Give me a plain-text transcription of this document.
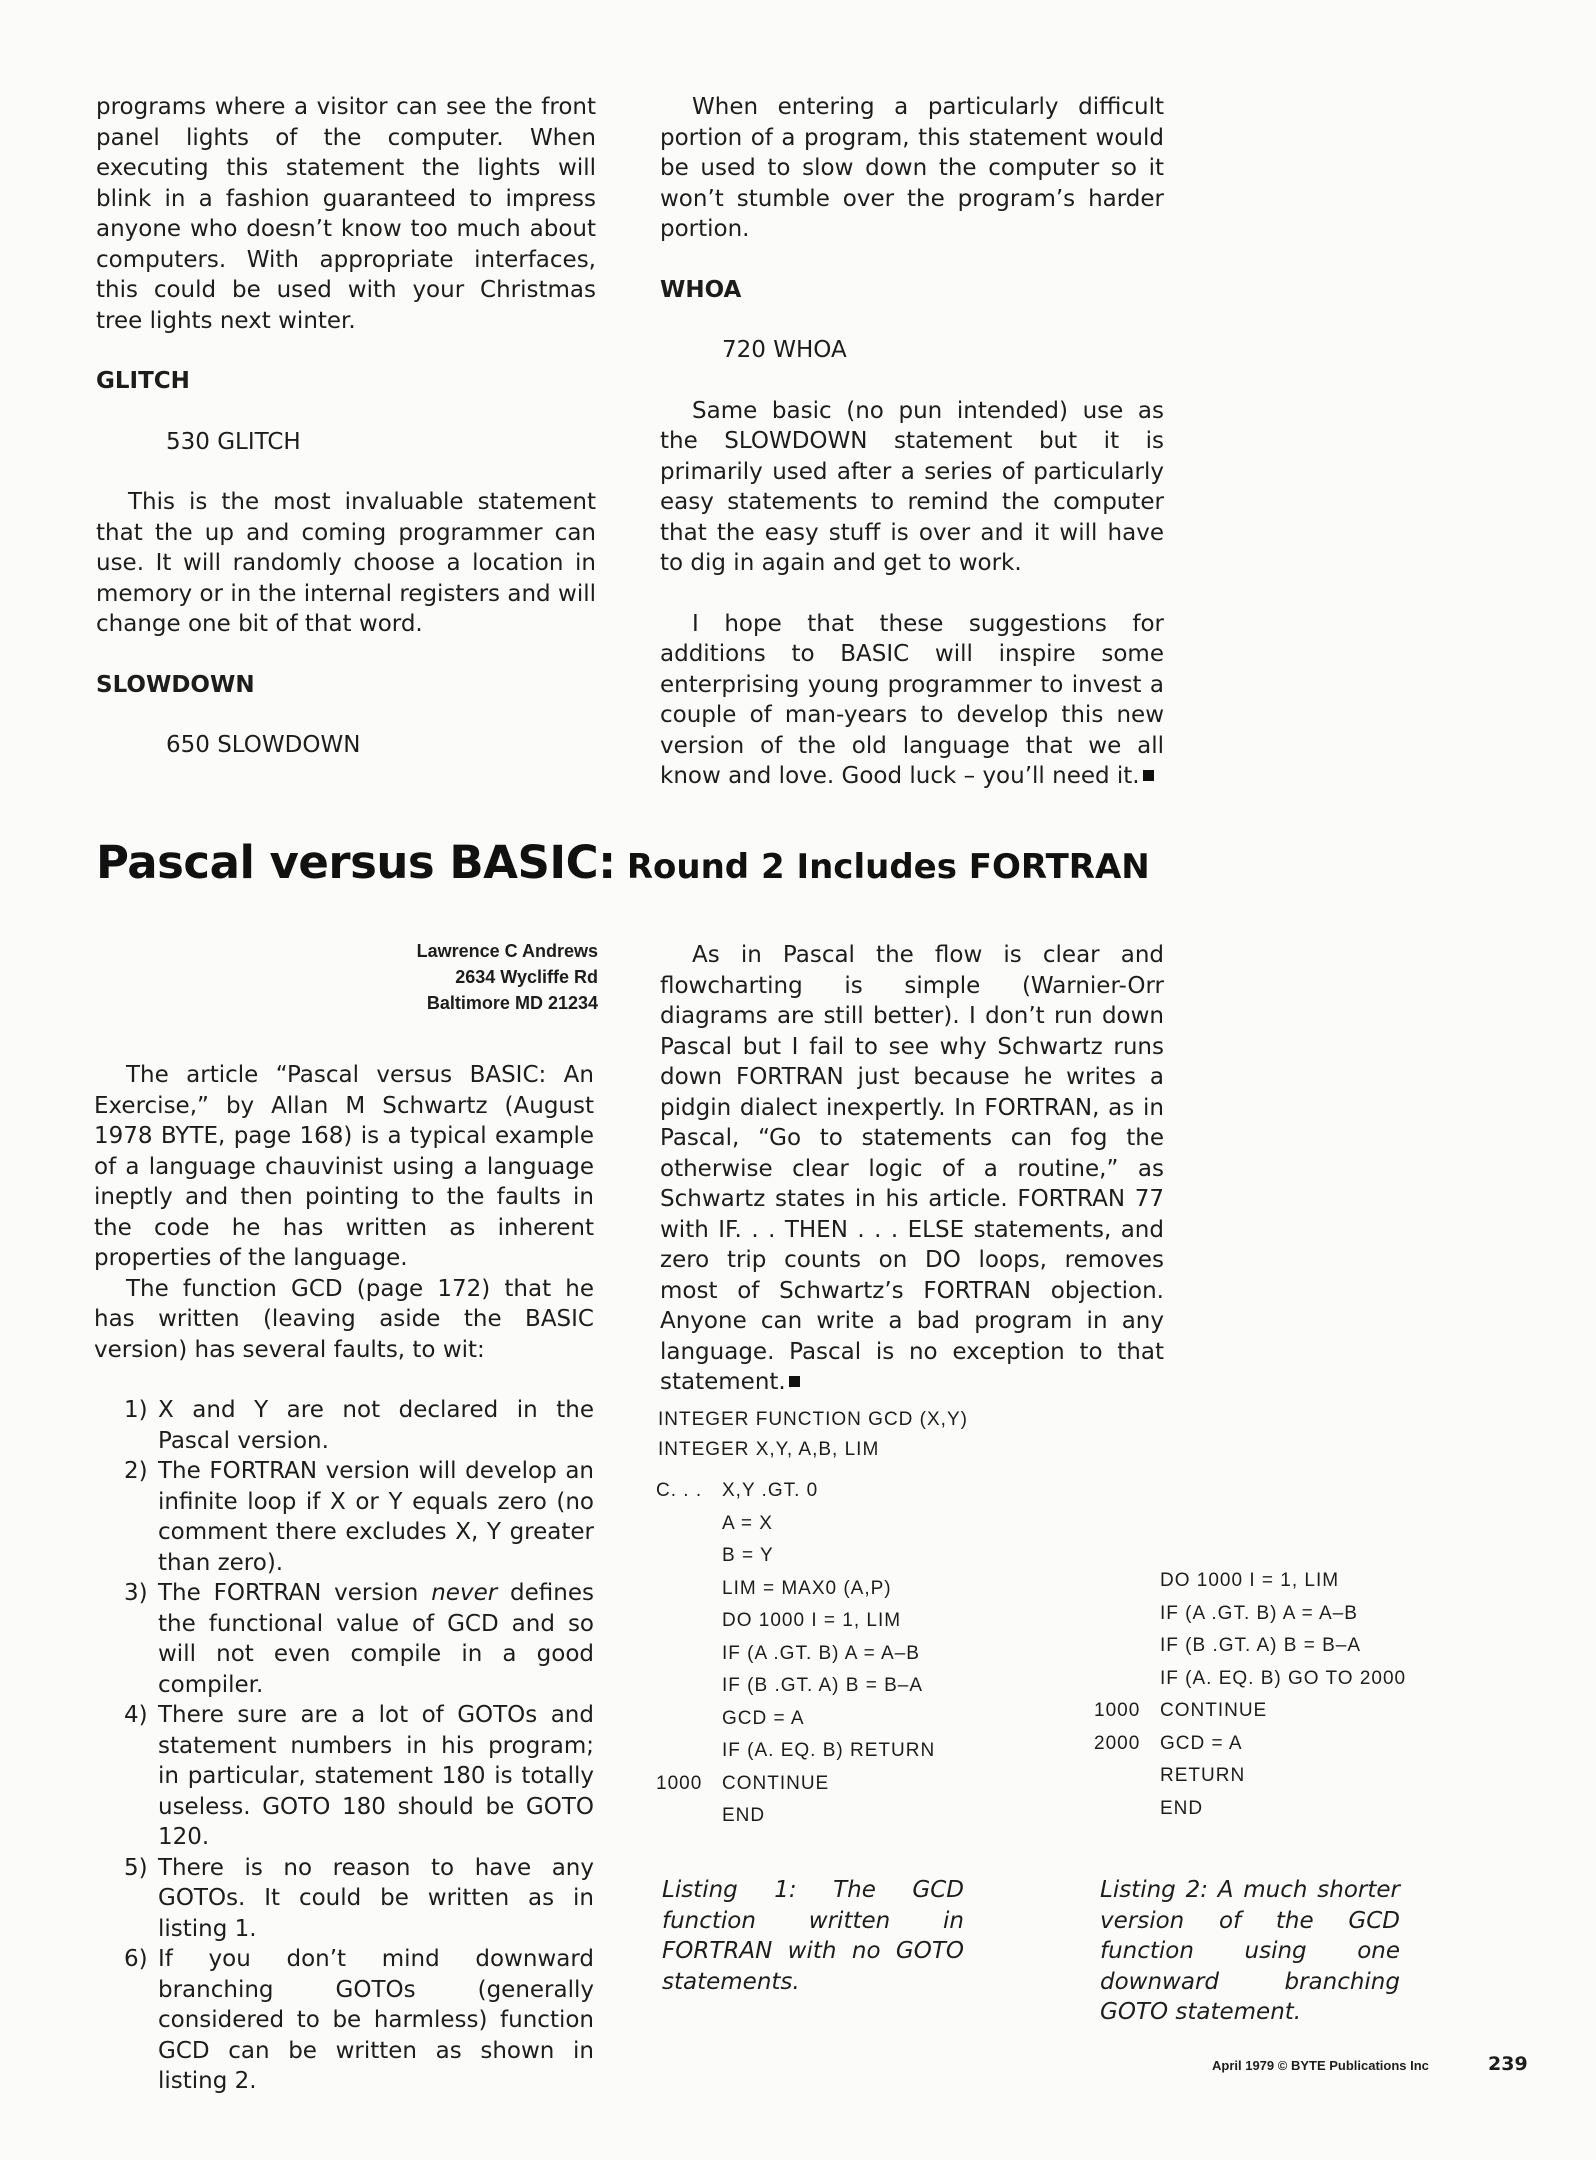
programs where a visitor can see the front panel lights of the computer. When executing this statement the lights will blink in a fashion guaranteed to impress anyone who doesn’t know too much about computers. With appropriate interfaces, this could be used with your Christmas tree lights next winter.

GLITCH

530 GLITCH

This is the most invaluable statement that the up and coming programmer can use. It will randomly choose a location in memory or in the internal registers and will change one bit of that word.

SLOWDOWN

650 SLOWDOWN

When entering a particularly difficult portion of a program, this statement would be used to slow down the computer so it won’t stumble over the program’s harder portion.

WHOA

720 WHOA

Same basic (no pun intended) use as the SLOWDOWN statement but it is primarily used after a series of particularly easy statements to remind the computer that the easy stuff is over and it will have to dig in again and get to work.

I hope that these suggestions for additions to BASIC will inspire some enterprising young programmer to invest a couple of man-years to develop this new version of the old language that we all know and love. Good luck – you’ll need it.

Pascal versus BASIC: Round 2 Includes FORTRAN
Lawrence C Andrews
2634 Wycliffe Rd
Baltimore MD 21234

The article “Pascal versus BASIC: An Exercise,” by Allan M Schwartz (August 1978 BYTE, page 168) is a typical example of a language chauvinist using a language ineptly and then pointing to the faults in the code he has written as inherent properties of the language.

The function GCD (page 172) that he has written (leaving aside the BASIC version) has several faults, to wit:

1) X and Y are not declared in the Pascal version.
2) The FORTRAN version will develop an infinite loop if X or Y equals zero (no comment there excludes X, Y greater than zero).
3) The FORTRAN version never defines the functional value of GCD and so will not even compile in a good compiler.
4) There sure are a lot of GOTOs and statement numbers in his program; in particular, statement 180 is totally useless. GOTO 180 should be GOTO 120.
5) There is no reason to have any GOTOs. It could be written as in listing 1.
6) If you don’t mind downward branching GOTOs (generally considered to be harmless) function GCD can be written as shown in listing 2.

As in Pascal the flow is clear and flowcharting is simple (Warnier-Orr diagrams are still better). I don’t run down Pascal but I fail to see why Schwartz runs down FORTRAN just because he writes a pidgin dialect inexpertly. In FORTRAN, as in Pascal, “Go to statements can fog the otherwise clear logic of a routine,” as Schwartz states in his article. FORTRAN 77 with IF. . . THEN . . . ELSE statements, and zero trip counts on DO loops, removes most of Schwartz’s FORTRAN objection. Anyone can write a bad program in any language. Pascal is no exception to that statement.

INTEGER FUNCTION GCD (X,Y)
INTEGER X,Y, A,B, LIM
C. . . X,Y .GT. 0
A = X
B = Y
LIM = MAX0 (A,P)
DO 1000 I = 1, LIM
IF (A .GT. B) A = A–B
IF (B .GT. A) B = B–A
GCD = A
IF (A. EQ. B) RETURN
1000 CONTINUE
END
Listing 1: The GCD function written in FORTRAN with no GOTO statements.
DO 1000 I = 1, LIM
IF (A .GT. B) A = A–B
IF (B .GT. A) B = B–A
IF (A. EQ. B) GO TO 2000
1000 CONTINUE
2000 GCD = A
RETURN
END
Listing 2: A much shorter version of the GCD function using one downward branching GOTO statement.
April 1979 © BYTE Publications Inc	239
